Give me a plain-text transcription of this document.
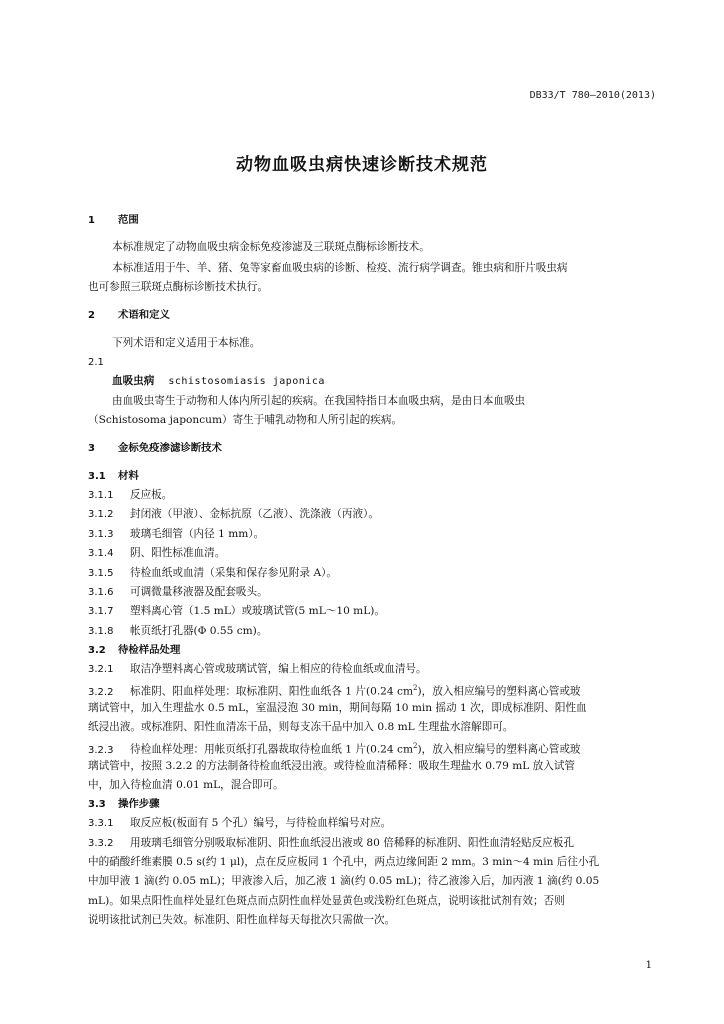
DB33/T 780—2010(2013)
动物血吸虫病快速诊断技术规范
1 范围
本标准规定了动物血吸虫病金标免疫渗滤及三联斑点酶标诊断技术。
本标准适用于牛、羊、猪、兔等家畜血吸虫病的诊断、检疫、流行病学调查。锥虫病和肝片吸虫病
也可参照三联斑点酶标诊断技术执行。
2 术语和定义
下列术语和定义适用于本标准。
2.1
血吸虫病 schistosomiasis japonica
由血吸虫寄生于动物和人体内所引起的疾病。在我国特指日本血吸虫病，是由日本血吸虫
（Schistosoma japoncum）寄生于哺乳动物和人所引起的疾病。
3 金标免疫渗滤诊断技术
3.1 材料
3.1.1 反应板。
3.1.2 封闭液（甲液）、金标抗原（乙液）、洗涤液（丙液）。
3.1.3 玻璃毛细管（内径 1 mm）。
3.1.4 阴、阳性标准血清。
3.1.5 待检血纸或血清（采集和保存参见附录 A）。
3.1.6 可调微量移液器及配套吸头。
3.1.7 塑料离心管（1.5 mL）或玻璃试管(5 mL～10 mL)。
3.1.8 帐页纸打孔器(Φ 0.55 cm)。
3.2 待检样品处理
3.2.1 取洁净塑料离心管或玻璃试管，编上相应的待检血纸或血清号。
3.2.2 标准阴、阳血样处理：取标准阴、阳性血纸各 1 片(0.24 $cm^2$)，放入相应编号的塑料离心管或玻
璃试管中，加入生理盐水 0.5 mL，室温浸泡 30 min，期间每隔 10 min 摇动 1 次，即成标准阴、阳性血
纸浸出液。或标准阴、阳性血清冻干品，则每支冻干品中加入 0.8 mL 生理盐水溶解即可。
3.2.3 待检血样处理：用帐页纸打孔器裁取待检血纸 1 片(0.24 $cm^2$)，放入相应编号的塑料离心管或玻
璃试管中，按照 3.2.2 的方法制备待检血纸浸出液。或待检血清稀释：吸取生理盐水 0.79 mL 放入试管
中，加入待检血清 0.01 mL，混合即可。
3.3 操作步骤
3.3.1 取反应板(板面有 5 个孔）编号，与待检血样编号对应。
3.3.2 用玻璃毛细管分别吸取标准阴、阳性血纸浸出液或 80 倍稀释的标准阴、阳性血清轻贴反应板孔
中的硝酸纤维素膜 0.5 s(约 1 μl)，点在反应板同 1 个孔中，两点边缘间距 2 mm。3 min～4 min 后往小孔
中加甲液 1 滴(约 0.05 mL)；甲液渗入后，加乙液 1 滴(约 0.05 mL)；待乙液渗入后，加丙液 1 滴(约 0.05
mL)。如果点阳性血样处显红色斑点而点阴性血样处显黄色或浅粉红色斑点，说明该批试剂有效；否则
说明该批试剂已失效。标准阴、阳性血样每天每批次只需做一次。
1
